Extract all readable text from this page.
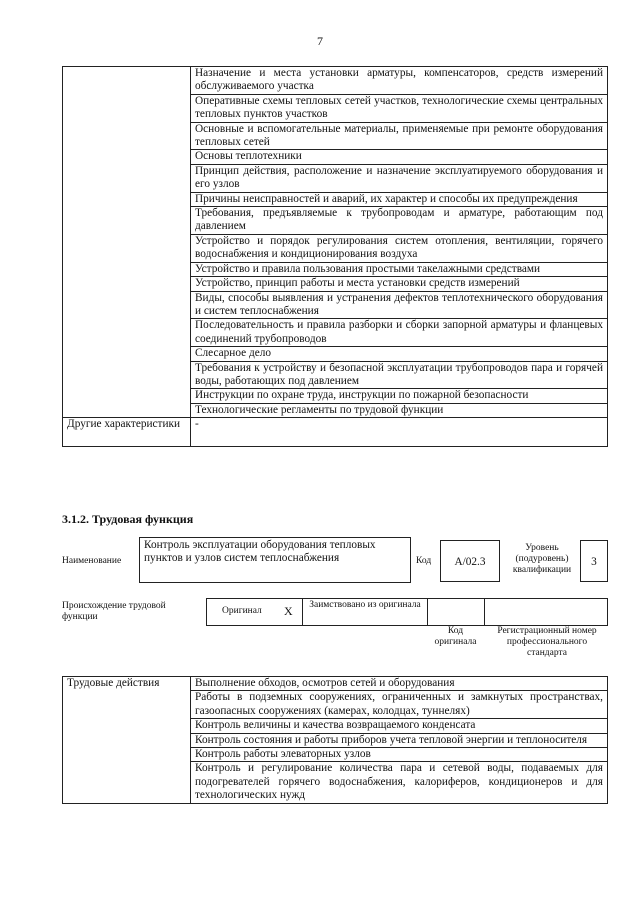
7
	Назначение и места установки арматуры, компенсаторов, средств измерений обслуживаемого участка
	Оперативные схемы тепловых сетей участков, технологические схемы центральных тепловых пунктов участков
	Основные и вспомогательные материалы, применяемые при ремонте оборудования тепловых сетей
	Основы теплотехники
	Принцип действия, расположение и назначение эксплуатируемого оборудования и его узлов
	Причины неисправностей и аварий, их характер и способы их предупреждения
	Требования, предъявляемые к трубопроводам и арматуре, работающим под давлением
	Устройство и порядок регулирования систем отопления, вентиляции, горячего водоснабжения и кондиционирования воздуха
	Устройство и правила пользования простыми такелажными средствами
	Устройство, принцип работы и места установки средств измерений
	Виды, способы выявления и устранения дефектов теплотехнического оборудования и систем теплоснабжения
	Последовательность и правила разборки и сборки запорной арматуры и фланцевых соединений трубопроводов
	Слесарное дело
	Требования к устройству и безопасной эксплуатации трубопроводов пара и горячей воды, работающих под давлением
	Инструкции по охране труда, инструкции по пожарной безопасности
	Технологические регламенты по трудовой функции
Другие характеристики	-
3.1.2. Трудовая функция
Наименование
Контроль эксплуатации оборудования тепловых пунктов и узлов систем теплоснабжения	Код	A/02.3
Уровень (подуровень) квалификации
3
Происхождение трудовой функции
Оригинал X	Заимствовано из оригинала
Код оригинала
Регистрационный номер профессионального стандарта
Трудовые действия	Выполнение обходов, осмотров сетей и оборудования
Работы в подземных сооружениях, ограниченных и замкнутых пространствах, газоопасных сооружениях (камерах, колодцах, туннелях)
Контроль величины и качества возвращаемого конденсата
Контроль состояния и работы приборов учета тепловой энергии и теплоносителя
Контроль работы элеваторных узлов
Контроль и регулирование количества пара и сетевой воды, подаваемых для подогревателей горячего водоснабжения, калориферов, кондиционеров и для технологических нужд
